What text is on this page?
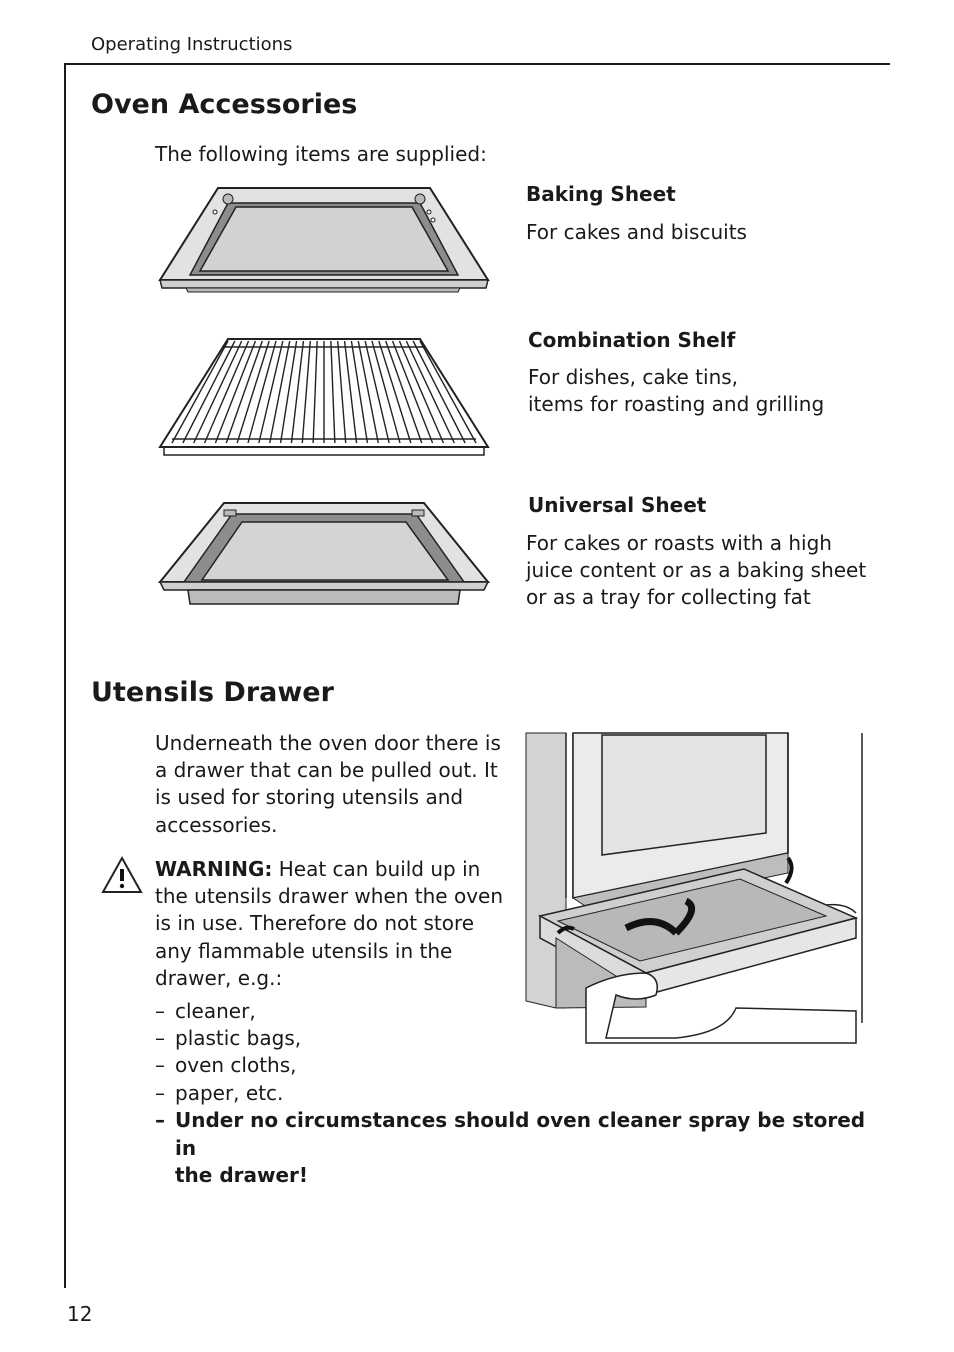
Operating Instructions
Oven Accessories
The following items are supplied:
Baking Sheet
For cakes and biscuits
Combination Shelf
For dishes, cake tins,
items for roasting and grilling
Universal Sheet
For cakes or roasts with a high
juice content or as a baking sheet
or as a tray for collecting fat
Utensils Drawer
Underneath the oven door there is
a drawer that can be pulled out. It
is used for storing utensils and
accessories.
WARNING: Heat can build up in
the utensils drawer when the oven
is in use. Therefore do not store
any flammable utensils in the
drawer, e.g.:
– cleaner,
– plastic bags,
– oven cloths,
– paper, etc.
– Under no circumstances should oven cleaner spray be stored in
the drawer!
12
